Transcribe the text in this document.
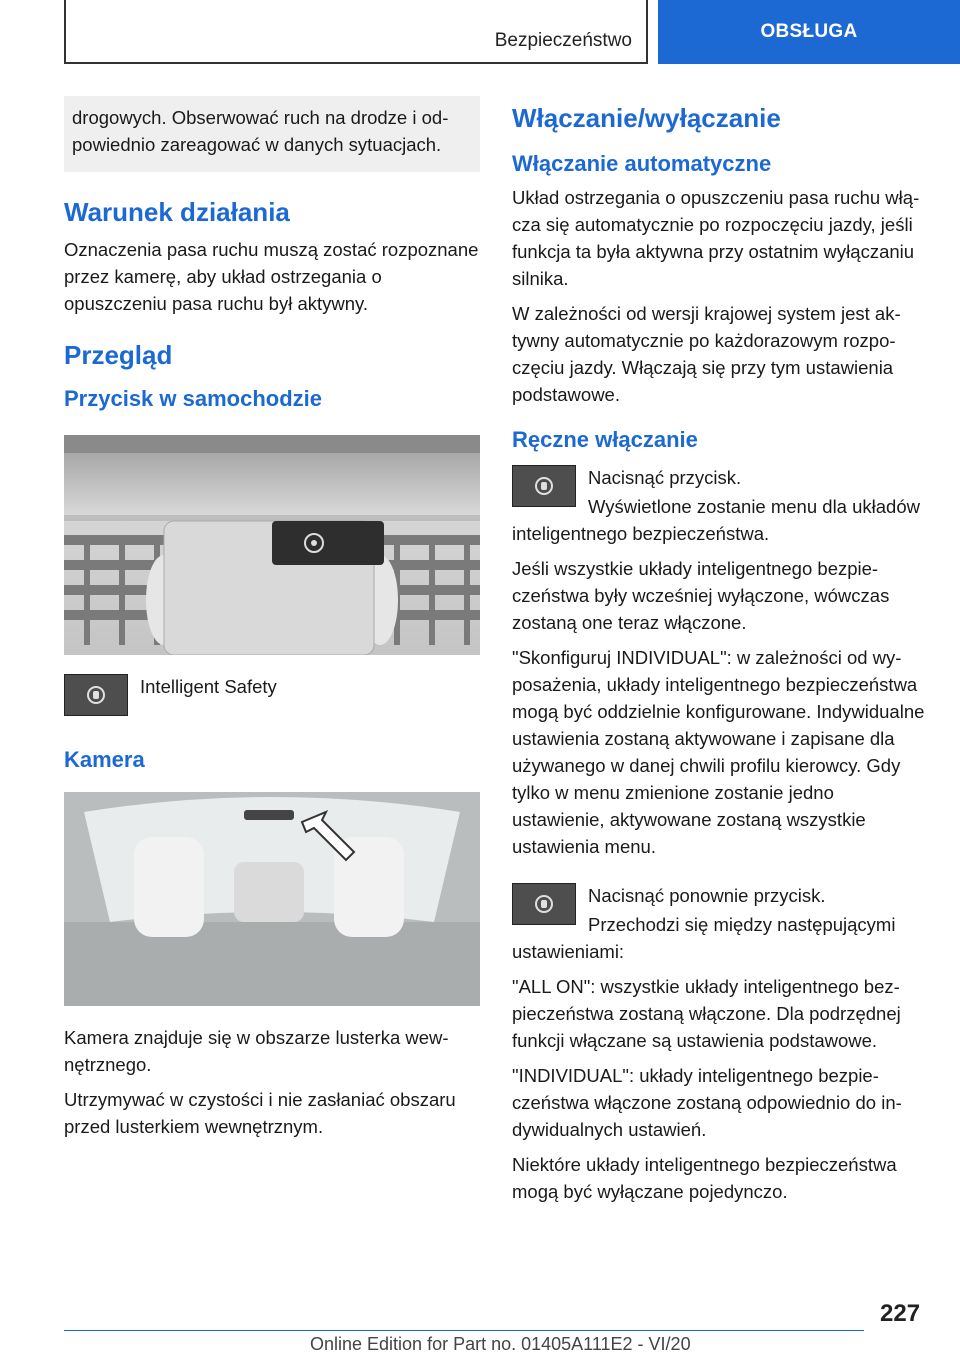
Bezpieczeństwo	OBSŁUGA

drogowych. Obserwować ruch na drodze i odpowiednio zareagować w danych sytuacjach.

Warunek działania

Oznaczenia pasa ruchu muszą zostać rozpoznane przez kamerę, aby układ ostrzegania o opuszczeniu pasa ruchu był aktywny.

Przegląd
Przycisk w samochodzie

Intelligent Safety

Kamera

Kamera znajduje się w obszarze lusterka wewnętrznego.

Utrzymywać w czystości i nie zasłaniać obszaru przed lusterkiem wewnętrznym.

Włączanie/wyłączanie
Włączanie automatyczne

Układ ostrzegania o opuszczeniu pasa ruchu włącza się automatycznie po rozpoczęciu jazdy, jeśli funkcja ta była aktywna przy ostatnim wyłączaniu silnika.

W zależności od wersji krajowej system jest aktywny automatycznie po każdorazowym rozpoczęciu jazdy. Włączają się przy tym ustawienia podstawowe.

Ręczne włączanie

Nacisnąć przycisk.

Wyświetlone zostanie menu dla układów inteligentnego bezpieczeństwa.

Jeśli wszystkie układy inteligentnego bezpieczeństwa były wcześniej wyłączone, wówczas zostaną one teraz włączone.

"Skonfiguruj INDIVIDUAL": w zależności od wyposażenia, układy inteligentnego bezpieczeństwa mogą być oddzielnie konfigurowane. Indywidualne ustawienia zostaną aktywowane i zapisane dla używanego w danej chwili profilu kierowcy. Gdy tylko w menu zmienione zostanie jedno ustawienie, aktywowane zostaną wszystkie ustawienia menu.

Nacisnąć ponownie przycisk.

Przechodzi się między następującymi ustawieniami:

"ALL ON": wszystkie układy inteligentnego bezpieczeństwa zostaną włączone. Dla podrzędnej funkcji włączane są ustawienia podstawowe.

"INDIVIDUAL": układy inteligentnego bezpieczeństwa włączone zostaną odpowiednio do indywidualnych ustawień.

Niektóre układy inteligentnego bezpieczeństwa mogą być wyłączane pojedynczo.

227
Online Edition for Part no. 01405A111E2 - VI/20
